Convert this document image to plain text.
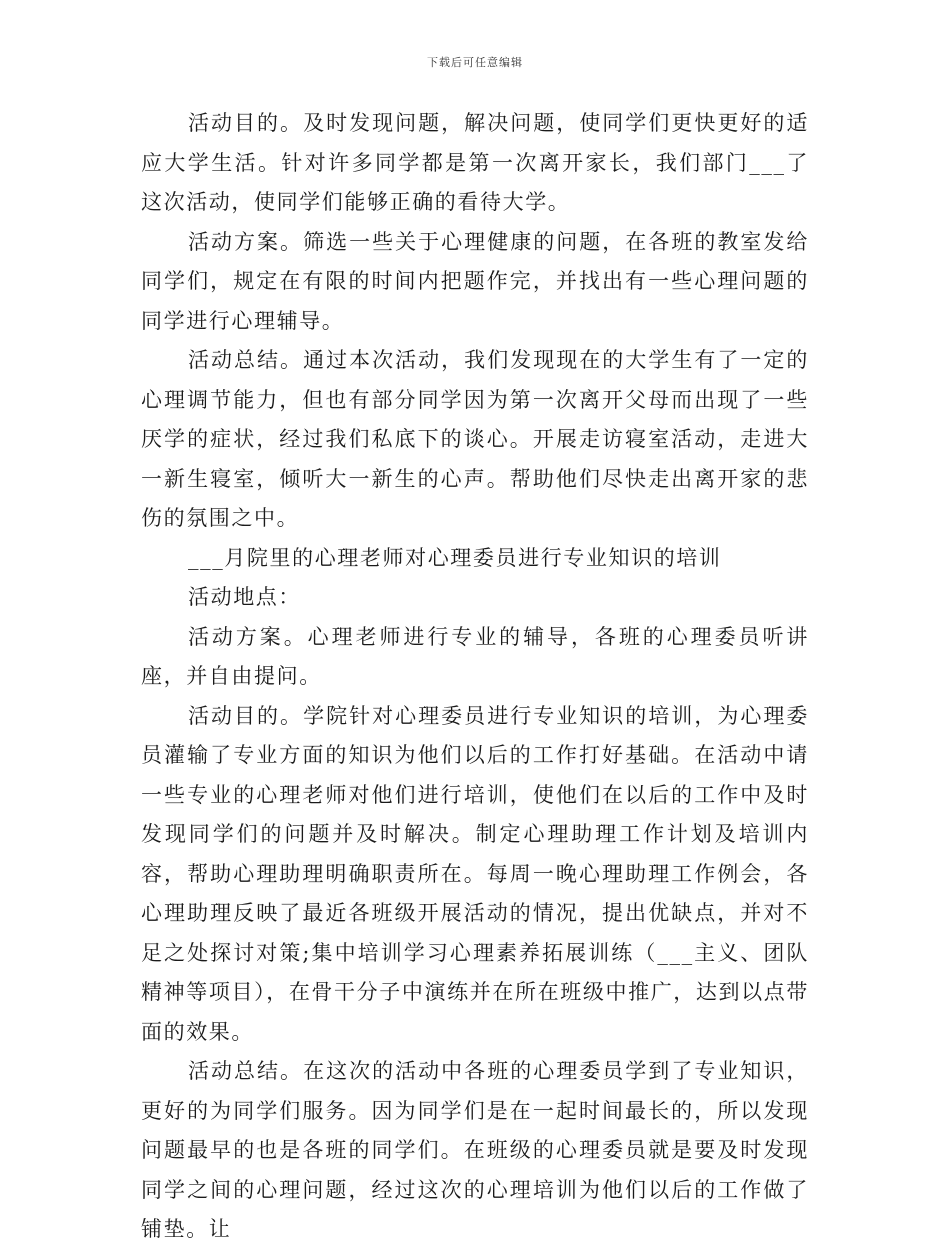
下载后可任意编辑

活动目的。及时发现问题，解决问题，使同学们更快更好的适应大学生活。针对许多同学都是第一次离开家长，我们部门___了这次活动，使同学们能够正确的看待大学。

活动方案。筛选一些关于心理健康的问题，在各班的教室发给同学们，规定在有限的时间内把题作完，并找出有一些心理问题的同学进行心理辅导。

活动总结。通过本次活动，我们发现现在的大学生有了一定的心理调节能力，但也有部分同学因为第一次离开父母而出现了一些厌学的症状，经过我们私底下的谈心。开展走访寝室活动，走进大一新生寝室，倾听大一新生的心声。帮助他们尽快走出离开家的悲伤的氛围之中。

___月院里的心理老师对心理委员进行专业知识的培训

活动地点：

活动方案。心理老师进行专业的辅导，各班的心理委员听讲座，并自由提问。

活动目的。学院针对心理委员进行专业知识的培训，为心理委员灌输了专业方面的知识为他们以后的工作打好基础。在活动中请一些专业的心理老师对他们进行培训，使他们在以后的工作中及时发现同学们的问题并及时解决。制定心理助理工作计划及培训内容，帮助心理助理明确职责所在。每周一晚心理助理工作例会，各心理助理反映了最近各班级开展活动的情况，提出优缺点，并对不足之处探讨对策;集中培训学习心理素养拓展训练（___主义、团队精神等项目），在骨干分子中演练并在所在班级中推广，达到以点带面的效果。

活动总结。在这次的活动中各班的心理委员学到了专业知识，更好的为同学们服务。因为同学们是在一起时间最长的，所以发现问题最早的也是各班的同学们。在班级的心理委员就是要及时发现同学之间的心理问题，经过这次的心理培训为他们以后的工作做了铺垫。让
